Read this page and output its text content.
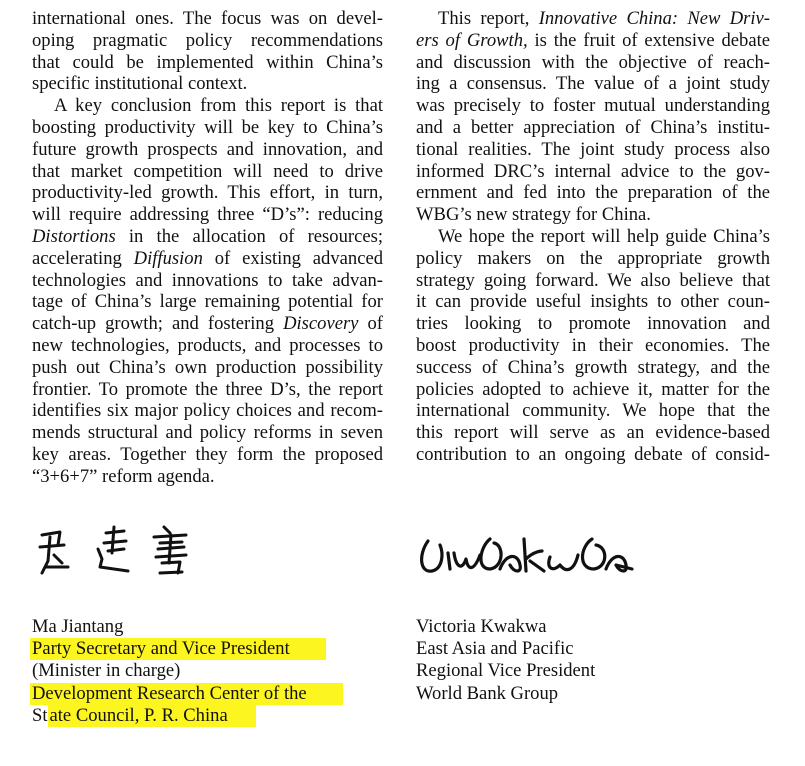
international ones. The focus was on devel-
oping pragmatic policy recommendations
that could be implemented within China’s
specific institutional context.

A key conclusion from this report is that
boosting productivity will be key to China’s
future growth prospects and innovation, and
that market competition will need to drive
productivity-led growth. This effort, in turn,
will require addressing three “D’s”: reducing
Distortions in the allocation of resources;
accelerating Diffusion of existing advanced
technologies and innovations to take advan-
tage of China’s large remaining potential for
catch-up growth; and fostering Discovery of
new technologies, products, and processes to
push out China’s own production possibility
frontier. To promote the three D’s, the report
identifies six major policy choices and recom-
mends structural and policy reforms in seven
key areas. Together they form the proposed
“3+6+7” reform agenda.

This report, Innovative China: New Driv-
ers of Growth, is the fruit of extensive debate
and discussion with the objective of reach-
ing a consensus. The value of a joint study
was precisely to foster mutual understanding
and a better appreciation of China’s institu-
tional realities. The joint study process also
informed DRC’s internal advice to the gov-
ernment and fed into the preparation of the
WBG’s new strategy for China.

We hope the report will help guide China’s
policy makers on the appropriate growth
strategy going forward. We also believe that
it can provide useful insights to other coun-
tries looking to promote innovation and
boost productivity in their economies. The
success of China’s growth strategy, and the
policies adopted to achieve it, matter for the
international community. We hope that the
this report will serve as an evidence-based
contribution to an ongoing debate of consid-

Ma Jiantang
Party Secretary and Vice President
(Minister in charge)
Development Research Center of the
St ate Council, P. R. China
Victoria Kwakwa
East Asia and Pacific
Regional Vice President
World Bank Group
